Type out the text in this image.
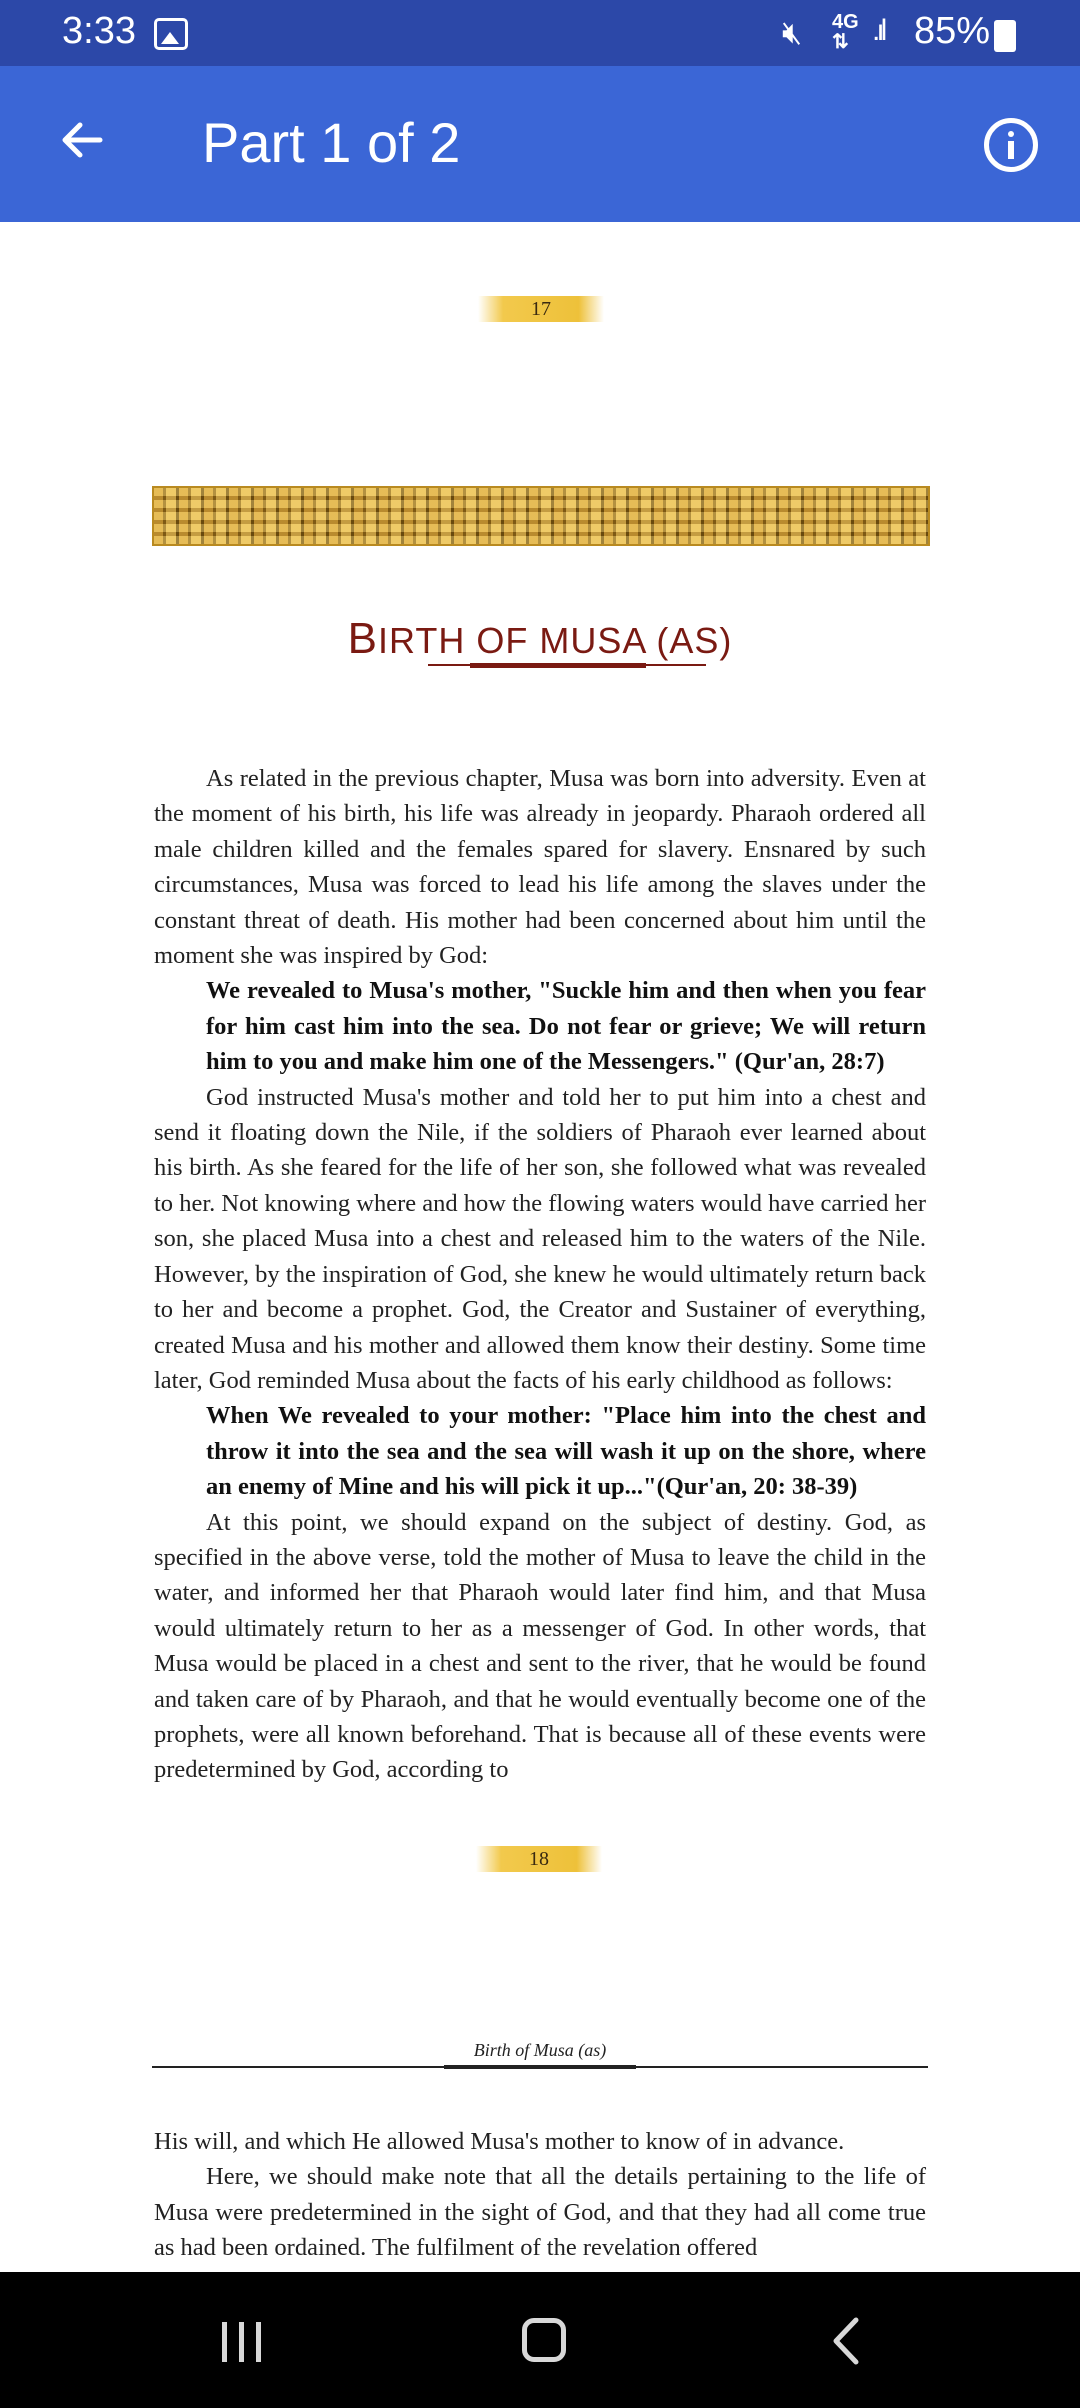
3:33	🔇︎ 4G
⇅ .ıl 85%
Part 1 of 2
17
BIRTH OF MUSA (AS)

As related in the previous chapter, Musa was born into adversity. Even at the moment of his birth, his life was already in jeopardy. Pharaoh ordered all male children killed and the females spared for slavery. Ensnared by such circumstances, Musa was forced to lead his life among the slaves under the constant threat of death. His mother had been concerned about him until the moment she was inspired by God:

We revealed to Musa's mother, "Suckle him and then when you fear for him cast him into the sea. Do not fear or grieve; We will return him to you and make him one of the Messengers." (Qur'an, 28:7)

God instructed Musa's mother and told her to put him into a chest and send it floating down the Nile, if the soldiers of Pharaoh ever learned about his birth. As she feared for the life of her son, she followed what was revealed to her. Not knowing where and how the flowing waters would have carried her son, she placed Musa into a chest and released him to the waters of the Nile. However, by the inspiration of God, she knew he would ultimately return back to her and become a prophet. God, the Creator and Sustainer of everything, created Musa and his mother and allowed them know their destiny. Some time later, God reminded Musa about the facts of his early childhood as follows:

When We revealed to your mother: "Place him into the chest and throw it into the sea and the sea will wash it up on the shore, where an enemy of Mine and his will pick it up..."(Qur'an, 20: 38-39)

At this point, we should expand on the subject of destiny. God, as specified in the above verse, told the mother of Musa to leave the child in the water, and informed her that Pharaoh would later find him, and that Musa would ultimately return to her as a messenger of God. In other words, that Musa would be placed in a chest and sent to the river, that he would be found and taken care of by Pharaoh, and that he would eventually become one of the prophets, were all known beforehand. That is because all of these events were predetermined by God, according to

18
Birth of Musa (as)

His will, and which He allowed Musa's mother to know of in advance.

Here, we should make note that all the details pertaining to the life of Musa were predetermined in the sight of God, and that they had all come true as had been ordained. The fulfilment of the revelation offered
